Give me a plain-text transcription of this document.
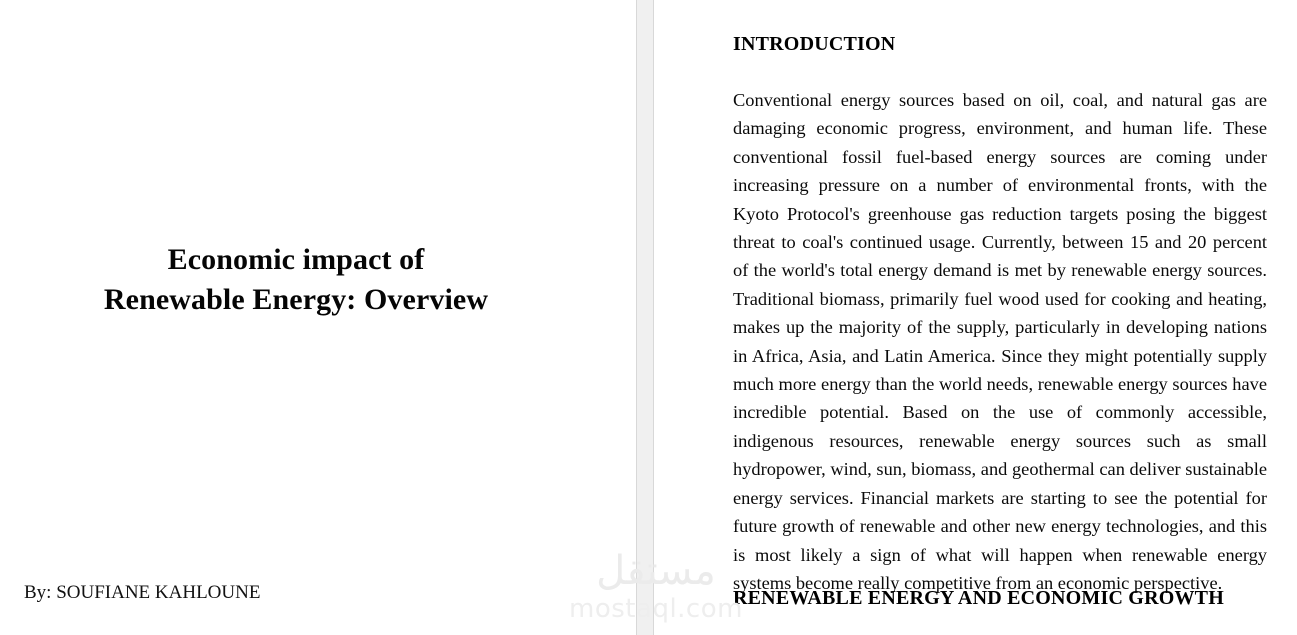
Economic impact of
Renewable Energy: Overview
By: SOUFIANE KAHLOUNE
INTRODUCTION
Conventional energy sources based on oil, coal, and natural gas are damaging economic progress, environment, and human life. These conventional fossil fuel-based energy sources are coming under increasing pressure on a number of environmental fronts, with the Kyoto Protocol's greenhouse gas reduction targets posing the biggest threat to coal's continued usage. Currently, between 15 and 20 percent of the world's total energy demand is met by renewable energy sources. Traditional biomass, primarily fuel wood used for cooking and heating, makes up the majority of the supply, particularly in developing nations in Africa, Asia, and Latin America. Since they might potentially supply much more energy than the world needs, renewable energy sources have incredible potential. Based on the use of commonly accessible, indigenous resources, renewable energy sources such as small hydropower, wind, sun, biomass, and geothermal can deliver sustainable energy services. Financial markets are starting to see the potential for future growth of renewable and other new energy technologies, and this is most likely a sign of what will happen when renewable energy systems become really competitive from an economic perspective.
RENEWABLE ENERGY AND ECONOMIC GROWTH
مستقل
mostaql.com
